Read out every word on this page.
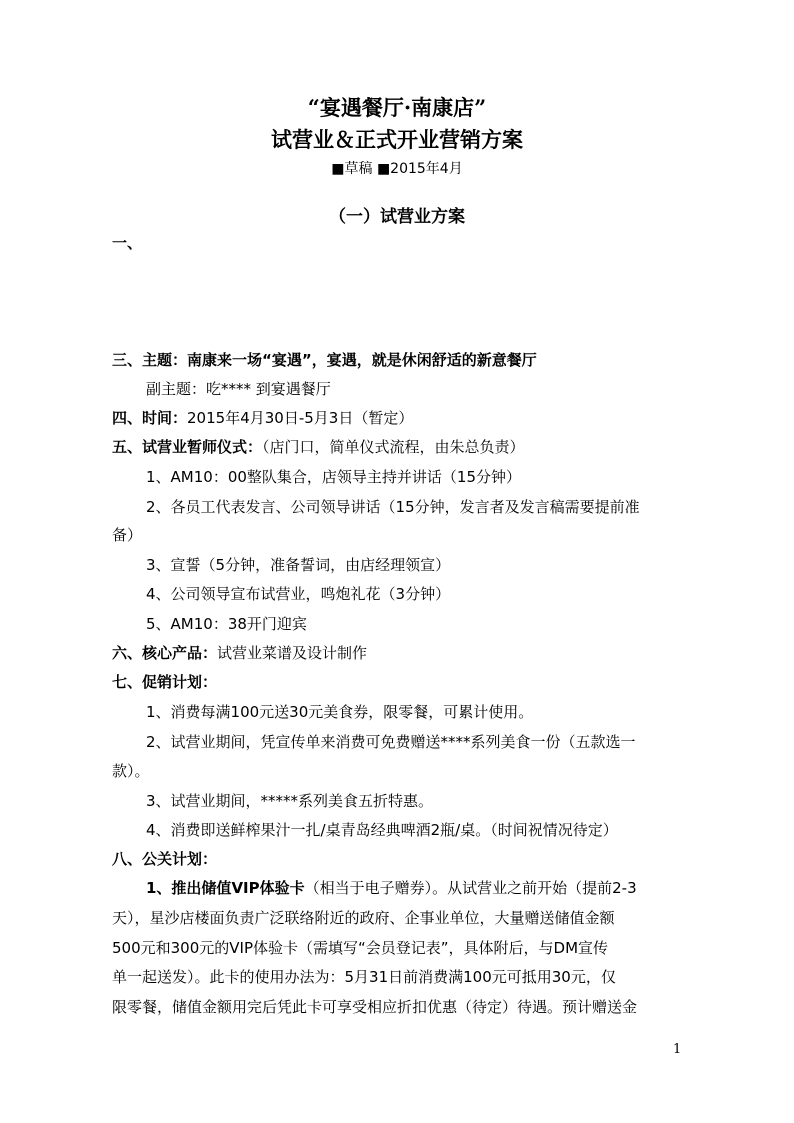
“宴遇餐厅·南康店”
试营业＆正式开业营销方案
■草稿 ■2015年4月
（一）试营业方案
一、
三、主题：南康来一场“宴遇”，宴遇，就是休闲舒适的新意餐厅
副主题：吃**** 到宴遇餐厅
四、时间：2015年4月30日-5月3日（暂定）
五、试营业暂师仪式：（店门口，简单仪式流程，由朱总负责）
1、AM10：00整队集合，店领导主持并讲话（15分钟）
2、各员工代表发言、公司领导讲话（15分钟，发言者及发言稿需要提前准
备）
3、宣誓（5分钟，准备誓词，由店经理领宣）
4、公司领导宣布试营业，鸣炮礼花（3分钟）
5、AM10：38开门迎宾
六、核心产品：试营业菜谱及设计制作
七、促销计划：
1、消费每满100元送30元美食券，限零餐，可累计使用。
2、试营业期间，凭宣传单来消费可免费赠送****系列美食一份（五款选一
款）。
3、试营业期间，*****系列美食五折特惠。
4、消费即送鲜榨果汁一扎/桌青岛经典啤酒2瓶/桌。（时间祝情况待定）
八、公关计划：
1、推出储值VIP体验卡（相当于电子赠券）。从试营业之前开始（提前2-3
天），星沙店楼面负责广泛联络附近的政府、企事业单位，大量赠送储值金额
500元和300元的VIP体验卡（需填写“会员登记表”，具体附后，与DM宣传
单一起送发）。此卡的使用办法为：5月31日前消费满100元可抵用30元，仅
限零餐，储值金额用完后凭此卡可享受相应折扣优惠（待定）待遇。预计赠送金
1
